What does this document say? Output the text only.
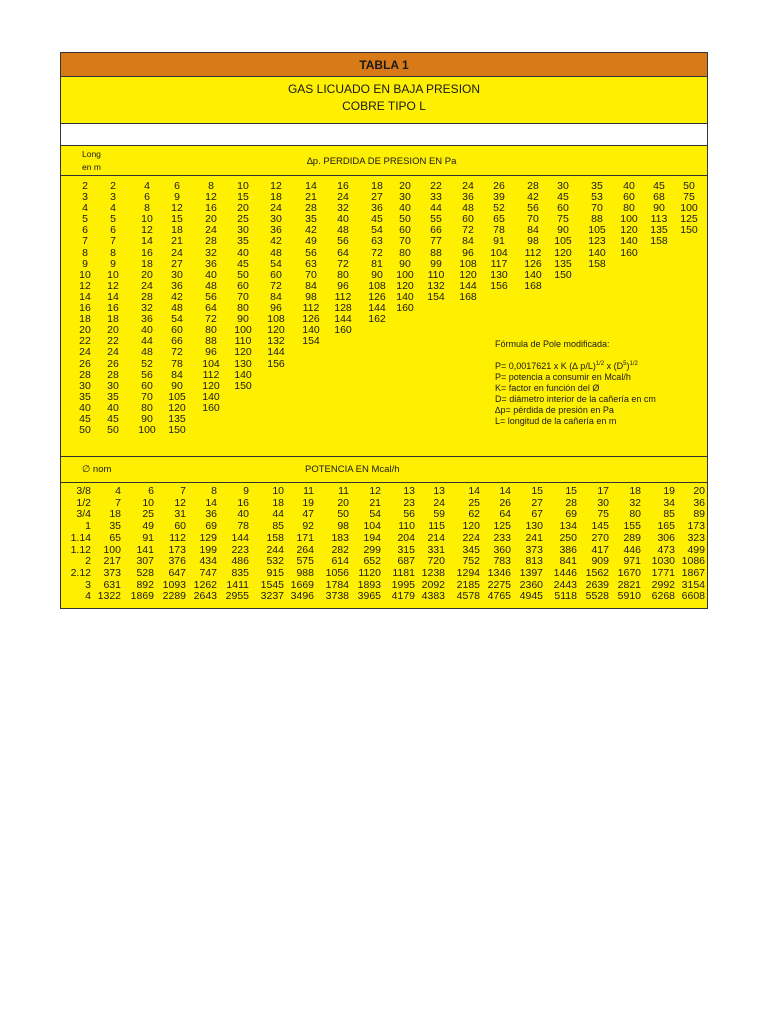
TABLA 1
GAS LICUADO EN BAJA PRESION
COBRE TIPO L
Long
en m	∆p. PERDIDA DE PRESION EN Pa
2
3
4
5
6
7
8
9
10
12
14
16
18
20
22
24
26
28
30
35
40
45
50
2
3
4
5
6
7
8
9
10
12
14
16
18
20
22
24
26
28
30
35
40
45
50
4
6
8
10
12
14
16
18
20
24
28
32
36
40
44
48
52
56
60
70
80
90
100
6
9
12
15
18
21
24
27
30
36
42
48
54
60
66
72
78
84
90
105
120
135
150
8
12
16
20
24
28
32
36
40
48
56
64
72
80
88
96
104
112
120
140
160
10
15
20
25
30
35
40
45
50
60
70
80
90
100
110
120
130
140
150
12
18
24
30
36
42
48
54
60
72
84
96
108
120
132
144
156
14
21
28
35
42
49
56
63
70
84
98
112
126
140
154
16
24
32
40
48
56
64
72
80
96
112
128
144
160
18
27
36
45
54
63
72
81
90
108
126
144
162
20
30
40
50
60
70
80
90
100
120
140
160
22
33
44
55
66
77
88
99
110
132
154
24
36
48
60
72
84
96
108
120
144
168
26
39
52
65
78
91
104
117
130
156
28
42
56
70
84
98
112
126
140
168
30
45
60
75
90
105
120
135
150
35
53
70
88
105
123
140
158
40
60
80
100
120
140
160
45
68
90
113
135
158
50
75
100
125
150
Fórmula de Pole modificada:
P= 0,0017621 x K (∆ p/L)$^{1/2}$ x $(D^5)^{1/2}$
P= potencia a consumir en Mcal/h
K= factor en función del Ø
D= diámetro interior de la cañería en cm
∆p= pérdida de presión en Pa
L= longitud de la cañería en m
∅ nom	POTENCIA EN Mcal/h
3/8
1/2
3/4
1
1.14
1.12
2
2.12
3
4
4
7
18
35
65
100
217
373
631
1322
6
10
25
49
91
141
307
528
892
1869
7
12
31
60
112
173
376
647
1093
2289
8
14
36
69
129
199
434
747
1262
2643
9
16
40
78
144
223
486
835
1411
2955
10
18
44
85
158
244
532
915
1545
3237
11
19
47
92
171
264
575
988
1669
3496
11
20
50
98
183
282
614
1056
1784
3738
12
21
54
104
194
299
652
1120
1893
3965
13
23
56
110
204
315
687
1181
1995
4179
13
24
59
115
214
331
720
1238
2092
4383
14
25
62
120
224
345
752
1294
2185
4578
14
26
64
125
233
360
783
1346
2275
4765
15
27
67
130
241
373
813
1397
2360
4945
15
28
69
134
250
386
841
1446
2443
5118
17
30
75
145
270
417
909
1562
2639
5528
18
32
80
155
289
446
971
1670
2821
5910
19
34
85
165
306
473
1030
1771
2992
6268
20
36
89
173
323
499
1086
1867
3154
6608
